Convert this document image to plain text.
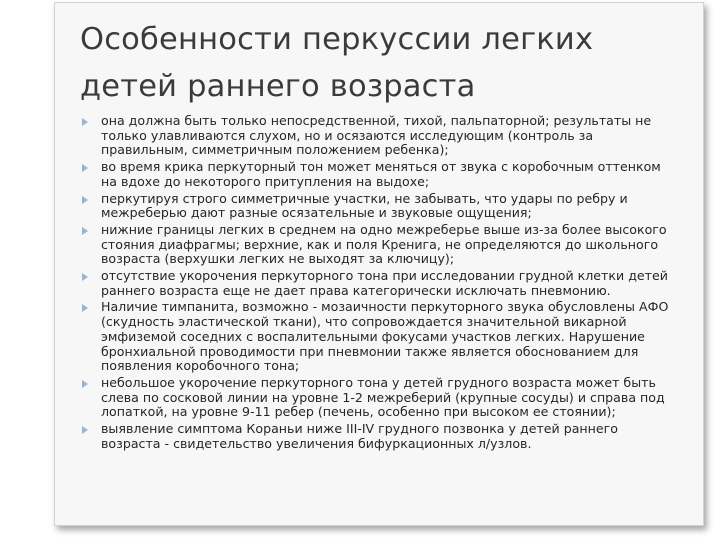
Особенности перкуссии легких детей раннего возраста
она должна быть только непосредственной, тихой, пальпаторной; результаты не только улавливаются слухом, но и осязаются исследующим (контроль за правильным, симметричным положением ребенка);
во время крика перкуторный тон может меняться от звука с коробочным оттенком на вдохе до некоторого притупления на выдохе;
перкутируя строго симметричные участки, не забывать, что удары по ребру и межреберью дают разные осязательные и звуковые ощущения;
нижние границы легких в среднем на одно межреберье выше из-за более высокого стояния диафрагмы; верхние, как и поля Кренига, не определяются до школьного возраста (верхушки легких не выходят за ключицу);
отсутствие укорочения перкуторного тона при исследовании грудной клетки детей раннего возраста еще не дает права категорически исключать пневмонию.
Наличие тимпанита, возможно - мозаичности перкуторного звука обусловлены АФО (скудность эластической ткани), что сопровождается значительной викарной эмфиземой соседних с воспалительными фокусами участков легких. Нарушение бронхиальной проводимости при пневмонии также является обоснованием для появления коробочного тона;
небольшое укорочение перкуторного тона у детей грудного возраста может быть слева по сосковой линии на уровне 1-2 межреберий (крупные сосуды) и справа под лопаткой, на уровне 9-11 ребер (печень, особенно при высоком ее стоянии);
выявление симптома Кораньи ниже III-IV грудного позвонка у детей раннего возраста - свидетельство увеличения бифуркационных л/узлов.
